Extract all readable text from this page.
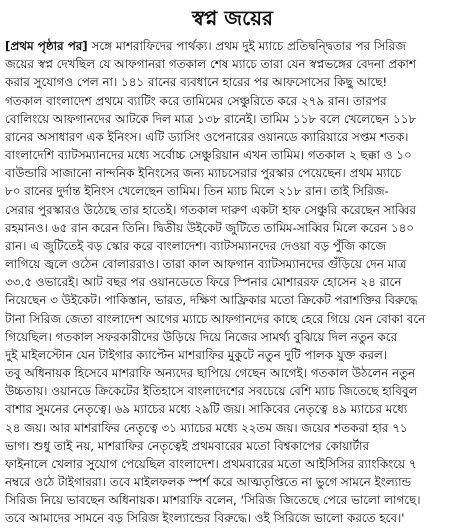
স্বপ্ন জয়ের
[প্রথম পৃষ্ঠার পর] সঙ্গে মাশরাফিদের পার্থক্য। প্রথম দুই ম্যাচে প্রতিদ্বন্দ্বিতার পর সিরিজ
জয়ের স্বপ্ন দেখছিল যে আফগানরা গতকাল শেষ ম্যাচে তারা যেন স্বপ্নভঙ্গের বেদনা প্রকাশ
করার সুযোগও পেল না। ১৪১ রানের ব্যবধানে হারের পর আফসোসের কিছু আছে!
গতকাল বাংলাদেশ প্রথমে ব্যাটিং করে তামিমের সেঞ্চুরিতে করে ২৭৯ রান। তারপর
বোলিংয়ে আফগানদের আটকে দিল মাত্র ১৩৮ রানেই। তামিম ১১৮ বলে খেলেছেন ১১৮
রানের অসাধারণ এক ইনিংস। এটি ড্যাসিং ওপেনারের ওয়ানডে ক্যারিয়ারে সপ্তম শতক।
বাংলাদেশি ব্যাটসম্যানদের মধ্যে সর্বোচ্চ সেঞ্চুরিয়ান এখন তামিম। গতকাল ২ ছক্কা ও ১০
বাউন্ডারি সাজানো নান্দনিক ইনিংসের জন্য ম্যাচসেরার পুরস্কার পেয়েছেন। প্রথম ম্যাচে
৮০ রানের দুর্দান্ত ইনিংস খেলেছেন তামিম। তিন ম্যাচ মিলে ২১৮ রান। তাই সিরিজ-
সেরার পুরস্কারও উঠেছে তার হাতেই। গতকাল দারুণ একটা হাফ সেঞ্চুরি করেছেন সাব্বির
রহমানও। ৬৫ রান করেন তিনি। দ্বিতীয় উইকেট জুটিতে তামিম-সাব্বির মিলে করেন ১৪০
রান। এ জুটিতেই বড় স্কোর করে বাংলাদেশ। ব্যাটসম্যানদের দেওয়া বড় পুঁজি কাজে
লাগিয়ে জ্বলে ওঠেন বোলাররাও। তারা কাল আফগান ব্যাটসম্যানদের গুঁড়িয়ে দেন মাত্র
৩৩.৫ ওভারেই। আট বছর পর ওয়ানডেতে ফিরে স্পিনার মোশাররফ হোসেন ২৪ রানে
নিয়েছেন ৩ উইকেট। পাকিস্তান, ভারত, দক্ষিণ আফ্রিকার মতো ক্রিকেট পরাশক্তির বিরুদ্ধে
টানা সিরিজ জেতা বাংলাদেশ আগের ম্যাচে আফগানদের কাছে হেরে গিয়ে যেন বোকা বনে
গিয়েছিল। গতকাল সফরকারীদের উড়িয়ে দিয়ে নিজের সামর্থ্য বুঝিয়ে দিল নতুন করে
দুই মাইলস্টোন যেন টাইগার ক্যাপ্টেন মাশরাফির মুকুটে নতুন দুটি পালক যুক্ত করল।
তবু অধিনায়ক হিসেবে মাশরাফি অন্যদের ছাপিয়ে গেছেন আগেই। গতকাল উঠলেন নতুন
উচ্চতায়। ওয়ানডে ক্রিকেটের ইতিহাসে বাংলাদেশের সবচেয়ে বেশি ম্যাচ জিতেছে হাবিবুল
বাশার সুমনের নেতৃত্বে। ৬৯ ম্যাচের মধ্যে ২৯টি জয়। সাকিবের নেতৃত্বে ৪৯ ম্যাচের মধ্যে
২৪ জয়। আর মাশরাফির নেতৃত্বে ৩১ ম্যাচের মধ্যে ২২তম জয়। জয়ের শতকরা হার ৭১
ভাগ। শুধু তাই নয়, মাশরাফির নেতৃত্বেই প্রথমবারের মতো বিশ্বকাপের কোয়ার্টার
ফাইনালে খেলার সুযোগ পেয়েছিল বাংলাদেশ। প্রথমবারের মতো আইসিসির র‌্যাংকিংয়ে ৭
নম্বরে ওঠে টাইগাররা। তবে মাইলফলক স্পর্শ করে আত্মতৃপ্তিতে না ভুগে সামনে ইংল্যান্ড
সিরিজ নিয়ে ভাবছেন অধিনায়ক। মাশরাফি বলেন, 'সিরিজ জিতেছে পেরে ভালো লাগছে।
তবে আমাদের সামনে বড় সিরিজ ইংল্যান্ডের বিরুদ্ধে। ওই সিরিজে ভালো করতে হবে।'
